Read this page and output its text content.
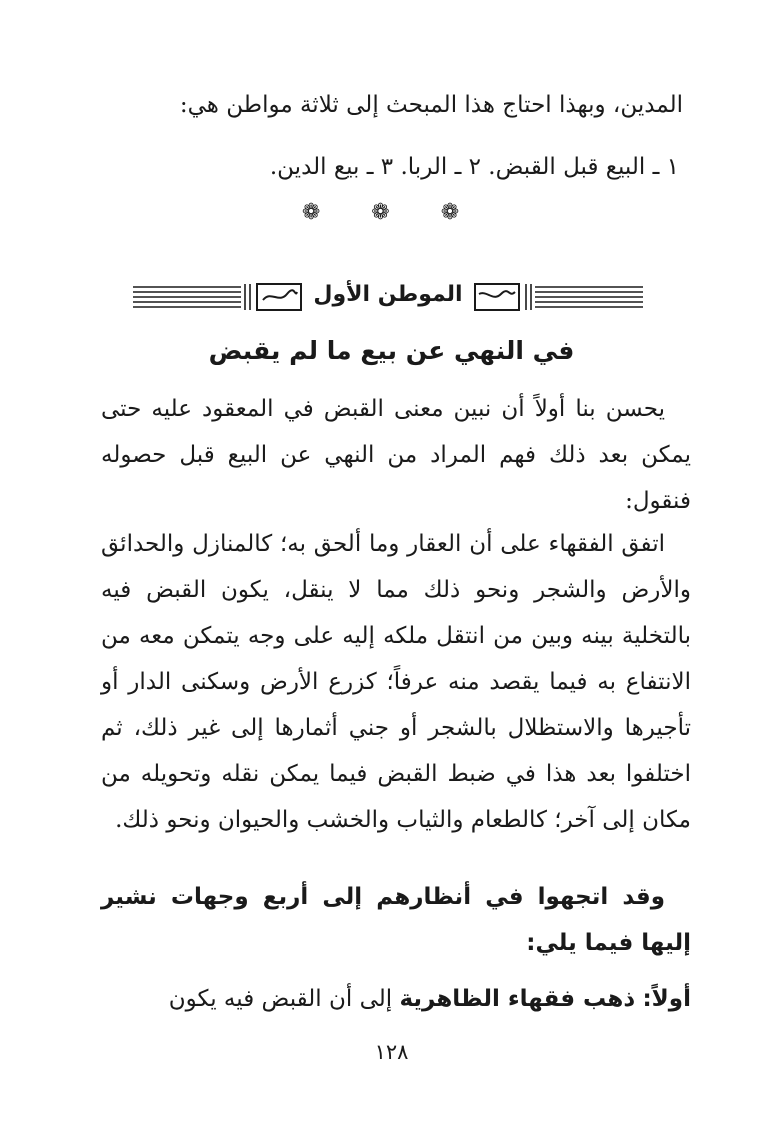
المدين، وبهذا احتاج هذا المبحث إلى ثلاثة مواطن هي:
١ ـ البيع قبل القبض. ٢ ـ الربا. ٣ ـ بيع الدين.
❁ ❁ ❁
الموطن الأول
في النهي عن بيع ما لم يقبض
يحسن بنا أولاً أن نبين معنى القبض في المعقود عليه حتى يمكن بعد ذلك فهم المراد من النهي عن البيع قبل حصوله فنقول:
اتفق الفقهاء على أن العقار وما ألحق به؛ كالمنازل والحدائق والأرض والشجر ونحو ذلك مما لا ينقل، يكون القبض فيه بالتخلية بينه وبين من انتقل ملكه إليه على وجه يتمكن معه من الانتفاع به فيما يقصد منه عرفاً؛ كزرع الأرض وسكنى الدار أو تأجيرها والاستظلال بالشجر أو جني أثمارها إلى غير ذلك، ثم اختلفوا بعد هذا في ضبط القبض فيما يمكن نقله وتحويله من مكان إلى آخر؛ كالطعام والثياب والخشب والحيوان ونحو ذلك.
وقد اتجهوا في أنظارهم إلى أربع وجهات نشير إليها فيما يلي:
أولاً: ذهب فقهاء الظاهرية إلى أن القبض فيه يكون
١٢٨
